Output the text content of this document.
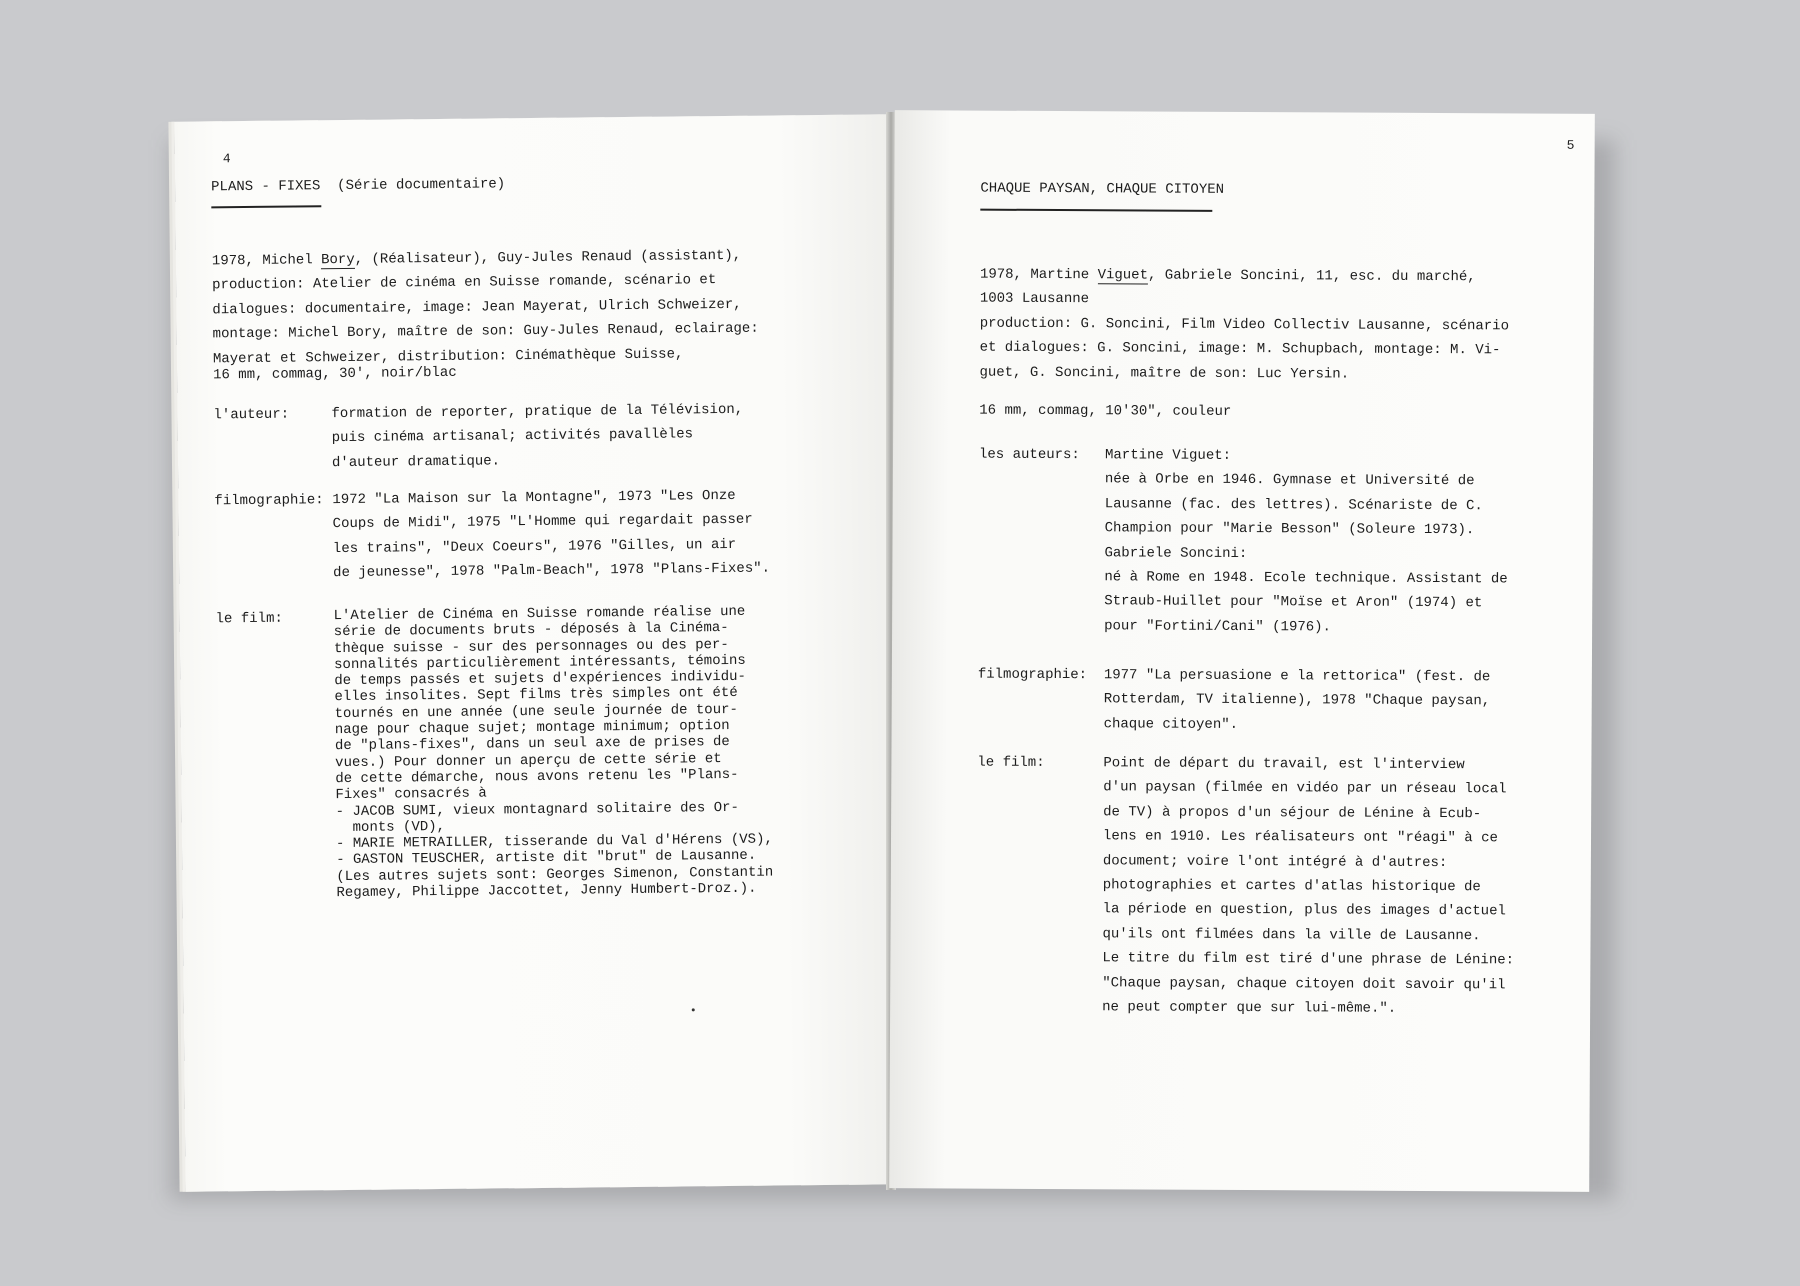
4
PLANS - FIXES (Série documentaire)
1978, Michel Bory, (Réalisateur), Guy-Jules Renaud (assistant),
production: Atelier de cinéma en Suisse romande, scénario et
dialogues: documentaire, image: Jean Mayerat, Ulrich Schweizer,
montage: Michel Bory, maître de son: Guy-Jules Renaud, eclairage:
Mayerat et Schweizer, distribution: Cinémathèque Suisse,
16 mm, commag, 30', noir/blac
l'auteur:	formation de reporter, pratique de la Télévision,
puis cinéma artisanal; activités pavallèles
d'auteur dramatique.
filmographie: 1972 "La Maison sur la Montagne", 1973 "Les Onze
Coups de Midi", 1975 "L'Homme qui regardait passer
les trains", "Deux Coeurs", 1976 "Gilles, un air
de jeunesse", 1978 "Palm-Beach", 1978 "Plans-Fixes".
le film:	L'Atelier de Cinéma en Suisse romande réalise une
série de documents bruts - déposés à la Cinéma-
thèque suisse - sur des personnages ou des per-
sonnalités particulièrement intéressants, témoins
de temps passés et sujets d'expériences individu-
elles insolites. Sept films très simples ont été
tournés en une année (une seule journée de tour-
nage pour chaque sujet; montage minimum; option
de "plans-fixes", dans un seul axe de prises de
vues.) Pour donner un aperçu de cette série et
de cette démarche, nous avons retenu les "Plans-
Fixes" consacrés à
- JACOB SUMI, vieux montagnard solitaire des Or-
monts (VD),
- MARIE METRAILLER, tisserande du Val d'Hérens (VS),
- GASTON TEUSCHER, artiste dit "brut" de Lausanne.
(Les autres sujets sont: Georges Simenon, Constantin
Regamey, Philippe Jaccottet, Jenny Humbert-Droz.).
5
CHAQUE PAYSAN, CHAQUE CITOYEN
1978, Martine Viguet, Gabriele Soncini, 11, esc. du marché,
1003 Lausanne
production: G. Soncini, Film Video Collectiv Lausanne, scénario
et dialogues: G. Soncini, image: M. Schupbach, montage: M. Vi-
guet, G. Soncini, maître de son: Luc Yersin.
16 mm, commag, 10'30", couleur
les auteurs: Martine Viguet:
née à Orbe en 1946. Gymnase et Université de
Lausanne (fac. des lettres). Scénariste de C.
Champion pour "Marie Besson" (Soleure 1973).
Gabriele Soncini:
né à Rome en 1948. Ecole technique. Assistant de
Straub-Huillet pour "Moïse et Aron" (1974) et
pour "Fortini/Cani" (1976).
filmographie: 1977 "La persuasione e la rettorica" (fest. de
Rotterdam, TV italienne), 1978 "Chaque paysan,
chaque citoyen".
le film:	Point de départ du travail, est l'interview
d'un paysan (filmée en vidéo par un réseau local
de TV) à propos d'un séjour de Lénine à Ecub-
lens en 1910. Les réalisateurs ont "réagi" à ce
document; voire l'ont intégré à d'autres:
photographies et cartes d'atlas historique de
la période en question, plus des images d'actuel
qu'ils ont filmées dans la ville de Lausanne.
Le titre du film est tiré d'une phrase de Lénine:
"Chaque paysan, chaque citoyen doit savoir qu'il
ne peut compter que sur lui-même.".
